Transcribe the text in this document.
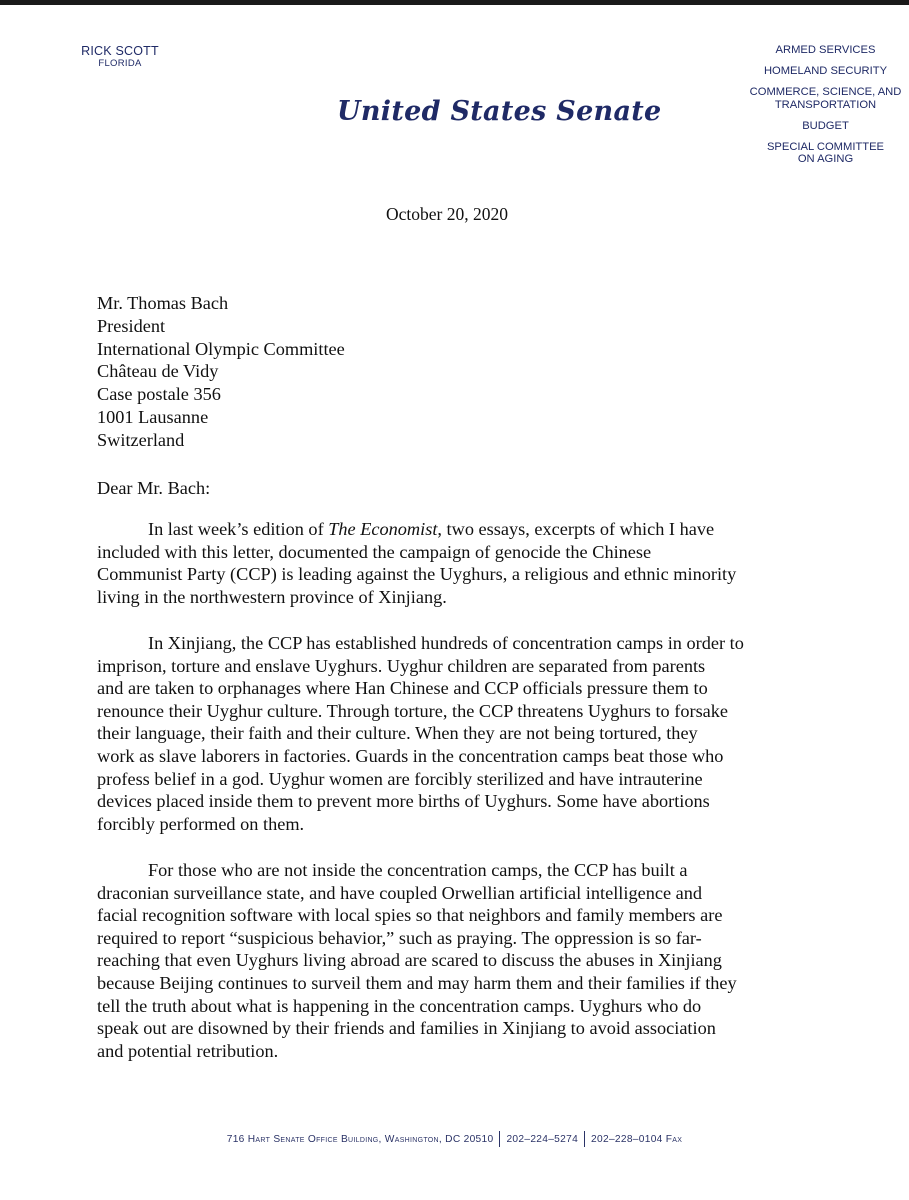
RICK SCOTT
FLORIDA
United States Senate
ARMED SERVICES
HOMELAND SECURITY
COMMERCE, SCIENCE, AND
TRANSPORTATION
BUDGET
SPECIAL COMMITTEE
ON AGING
October 20, 2020
Mr. Thomas Bach
President
International Olympic Committee
Château de Vidy
Case postale 356
1001 Lausanne
Switzerland
Dear Mr. Bach:
In last week’s edition of The Economist, two essays, excerpts of which I have
included with this letter, documented the campaign of genocide the Chinese
Communist Party (CCP) is leading against the Uyghurs, a religious and ethnic minority
living in the northwestern province of Xinjiang.
In Xinjiang, the CCP has established hundreds of concentration camps in order to
imprison, torture and enslave Uyghurs. Uyghur children are separated from parents
and are taken to orphanages where Han Chinese and CCP officials pressure them to
renounce their Uyghur culture. Through torture, the CCP threatens Uyghurs to forsake
their language, their faith and their culture. When they are not being tortured, they
work as slave laborers in factories. Guards in the concentration camps beat those who
profess belief in a god. Uyghur women are forcibly sterilized and have intrauterine
devices placed inside them to prevent more births of Uyghurs. Some have abortions
forcibly performed on them.
For those who are not inside the concentration camps, the CCP has built a
draconian surveillance state, and have coupled Orwellian artificial intelligence and
facial recognition software with local spies so that neighbors and family members are
required to report “suspicious behavior,” such as praying. The oppression is so far-
reaching that even Uyghurs living abroad are scared to discuss the abuses in Xinjiang
because Beijing continues to surveil them and may harm them and their families if they
tell the truth about what is happening in the concentration camps. Uyghurs who do
speak out are disowned by their friends and families in Xinjiang to avoid association
and potential retribution.
716 Hart Senate Office Building, Washington, DC 20510 202–224–5274 202–228–0104 Fax
